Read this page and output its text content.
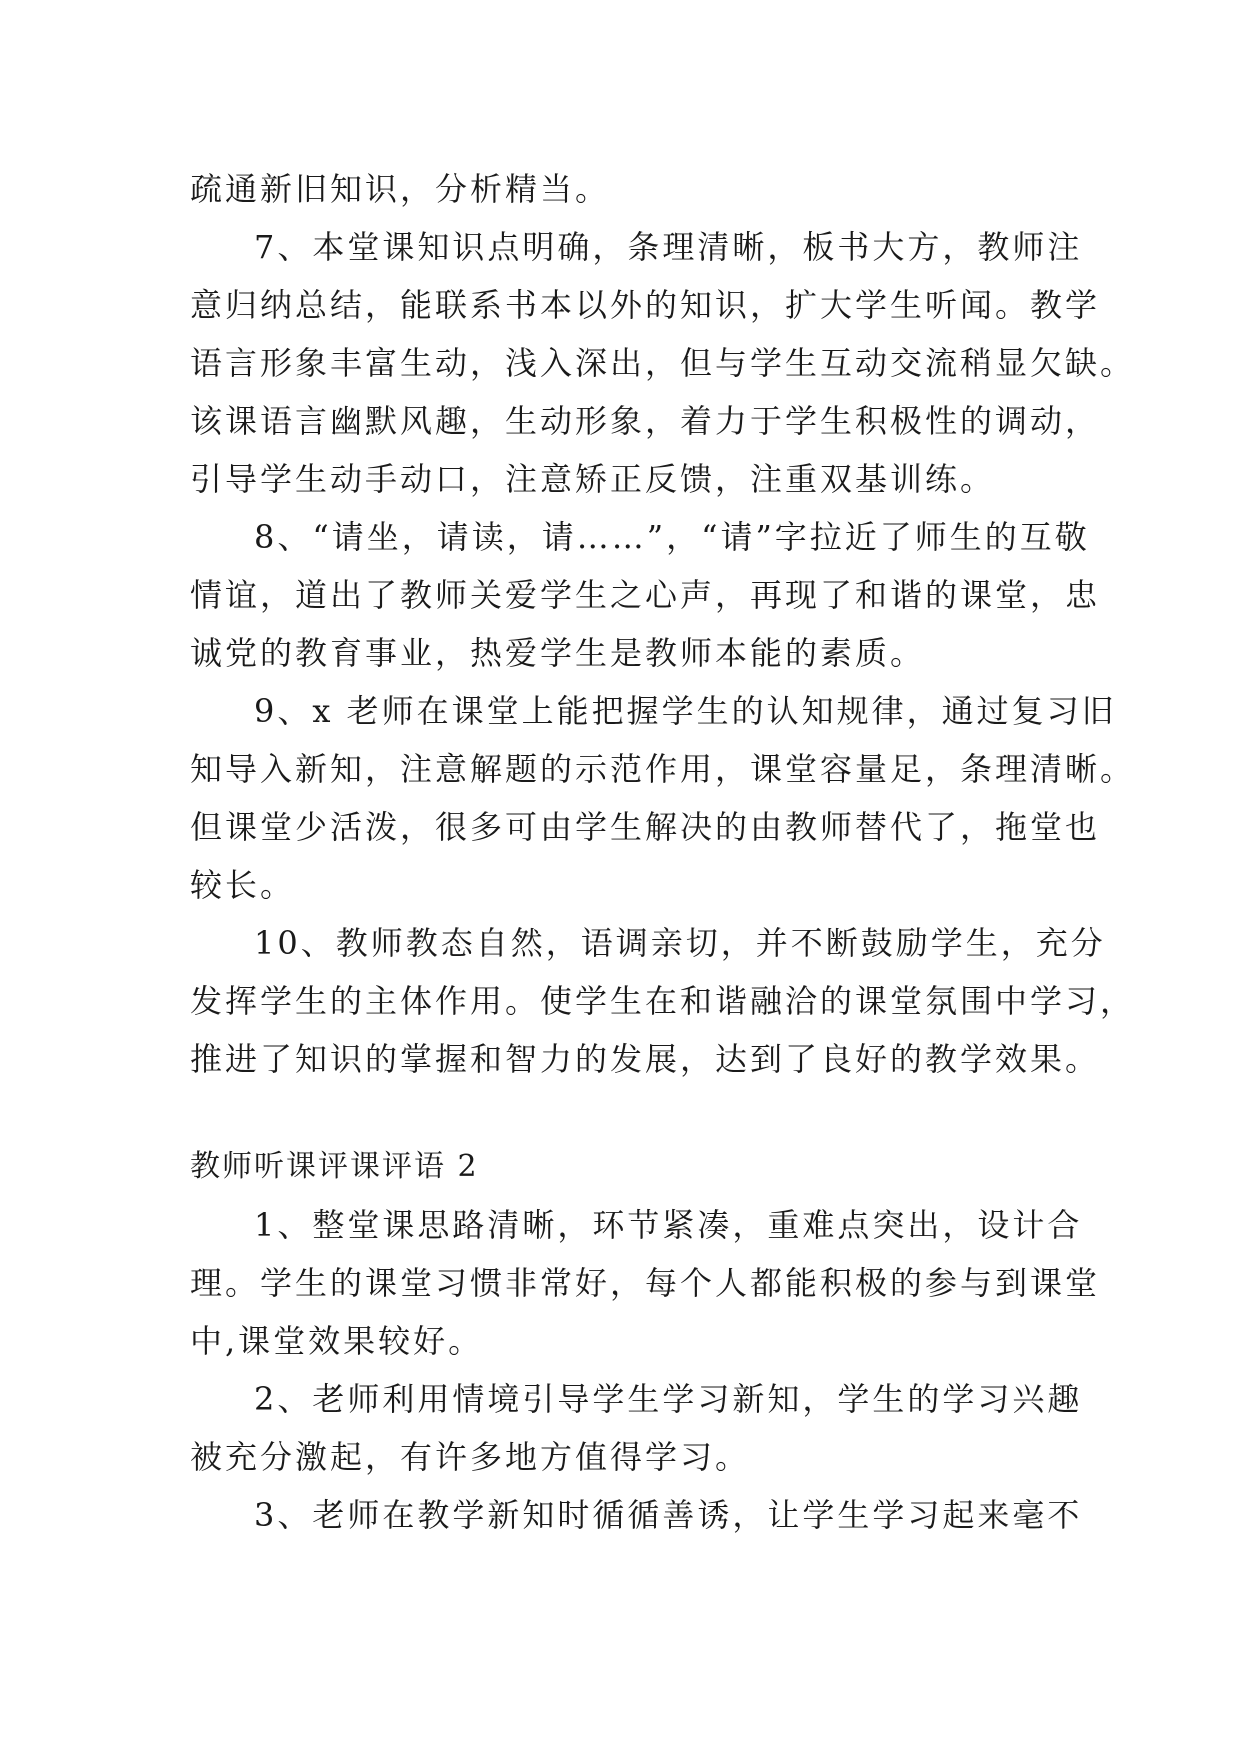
疏通新旧知识，分析精当。
7、本堂课知识点明确，条理清晰，板书大方，教师注
意归纳总结，能联系书本以外的知识，扩大学生听闻。教学
语言形象丰富生动，浅入深出，但与学生互动交流稍显欠缺。
该课语言幽默风趣，生动形象，着力于学生积极性的调动，
引导学生动手动口，注意矫正反馈，注重双基训练。
8、“请坐，请读，请……”，“请”字拉近了师生的互敬
情谊，道出了教师关爱学生之心声，再现了和谐的课堂，忠
诚党的教育事业，热爱学生是教师本能的素质。
9、x 老师在课堂上能把握学生的认知规律，通过复习旧
知导入新知，注意解题的示范作用，课堂容量足，条理清晰。
但课堂少活泼，很多可由学生解决的由教师替代了，拖堂也
较长。
10、教师教态自然，语调亲切，并不断鼓励学生，充分
发挥学生的主体作用。使学生在和谐融洽的课堂氛围中学习，
推进了知识的掌握和智力的发展，达到了良好的教学效果。
教师听课评课评语 2
1、整堂课思路清晰，环节紧凑，重难点突出，设计合
理。学生的课堂习惯非常好，每个人都能积极的参与到课堂
中,课堂效果较好。
2、老师利用情境引导学生学习新知，学生的学习兴趣
被充分激起，有许多地方值得学习。
3、老师在教学新知时循循善诱，让学生学习起来毫不
